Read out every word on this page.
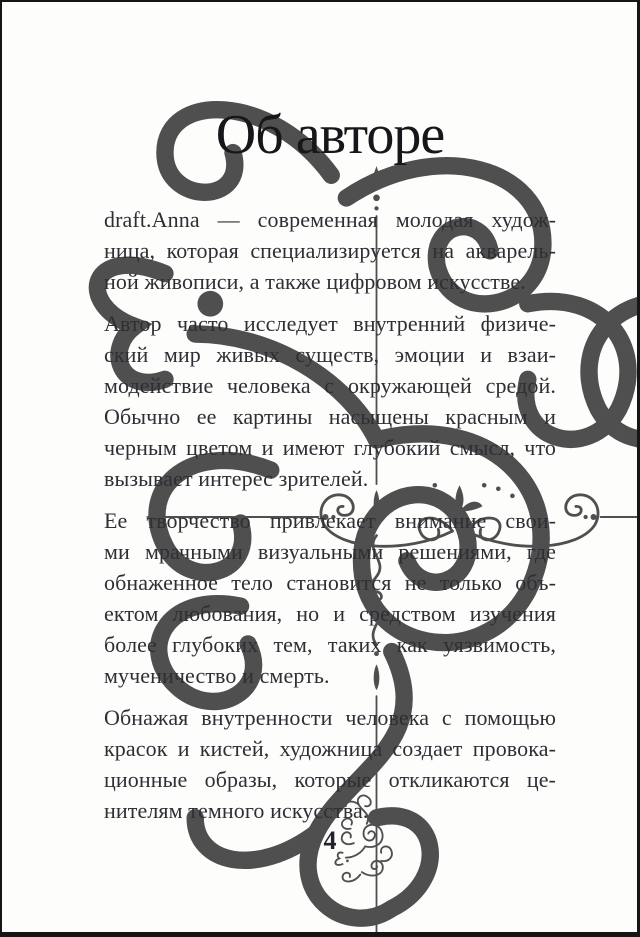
Об авторе
draft.Anna — современная молодая худож-
ница, которая специализируется на акварель-
ной живописи, а также цифровом искусстве.
Автор часто исследует внутренний физиче-
ский мир живых существ, эмоции и взаи-
модействие человека с окружающей средой.
Обычно ее картины насыщены красным и
черным цветом и имеют глубокий смысл, что
вызывает интерес зрителей.
Ее творчество привлекает внимание свои-
ми мрачными визуальными решениями, где
обнаженное тело становится не только объ-
ектом любования, но и средством изучения
более глубоких тем, таких как уязвимость,
мученичество и смерть.
Обнажая внутренности человека с помощью
красок и кистей, художница создает провока-
ционные образы, которые откликаются це-
нителям темного искусства.
4
